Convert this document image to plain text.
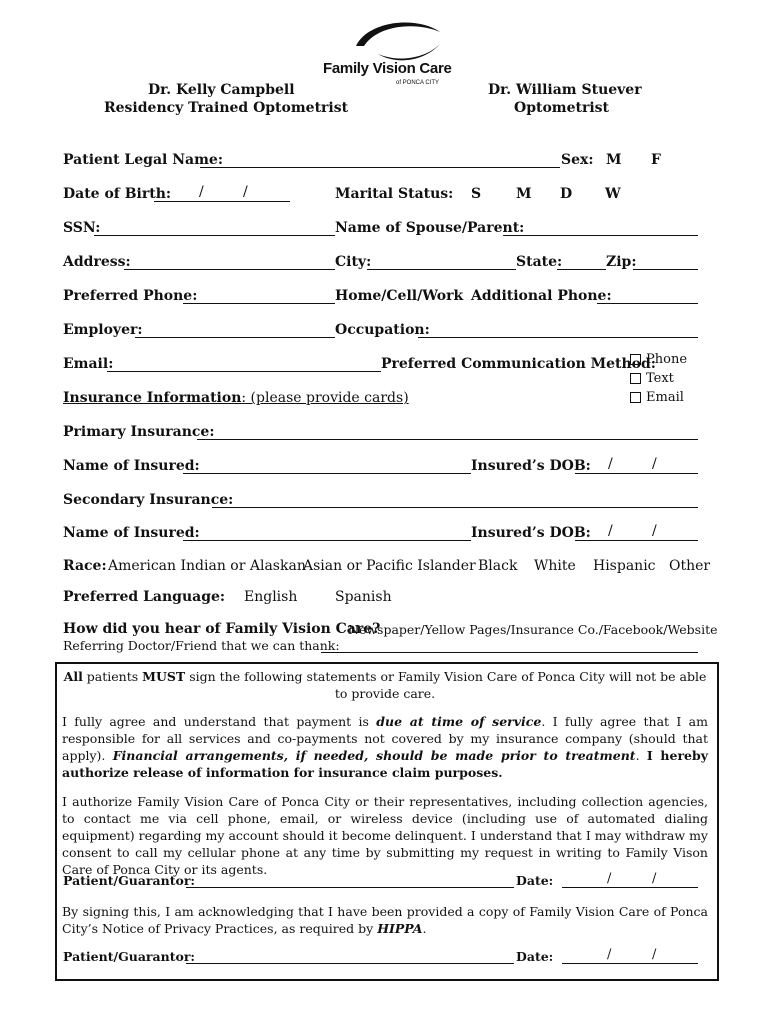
Family Vision Care
of PONCA CITY
Dr. Kelly Campbell
Residency Trained Optometrist
Dr. William Stuever
Optometrist
Patient Legal Name:	Sex: M F
Date of Birth: /	/	Marital Status: S M D W
SSN:	Name of Spouse/Parent:
Address:	City:	State:	Zip:
Preferred Phone:	Home/Cell/Work Additional Phone:
Employer:	Occupation:
Email:	Preferred Communication Method:
Phone
Text
Email
Insurance Information: (please provide cards)
Primary Insurance:
Name of Insured:	Insured’s DOB: /	/
Secondary Insurance:
Name of Insured:	Insured’s DOB: /	/
Race: American Indian or Alaskan
Asian or Pacific Islander Black White Hispanic Other
Preferred Language: English	Spanish
How did you hear of Family Vision Care?
Newspaper/Yellow Pages/Insurance Co./Facebook/Website
Referring Doctor/Friend that we can thank:
All patients MUST sign the following statements or Family Vision Care of Ponca City will not be able to provide care.
I fully agree and understand that payment is due at time of service. I fully agree that I am responsible for all services and co-payments not covered by my insurance company (should that apply). Financial arrangements, if needed, should be made prior to treatment. I hereby authorize release of information for insurance claim purposes.
I authorize Family Vision Care of Ponca City or their representatives, including collection agencies, to contact me via cell phone, email, or wireless device (including use of automated dialing equipment) regarding my account should it become delinquent. I understand that I may withdraw my consent to call my cellular phone at any time by submitting my request in writing to Family Vison Care of Ponca City or its agents.
Patient/Guarantor:	Date:	/	/
By signing this, I am acknowledging that I have been provided a copy of Family Vision Care of Ponca City’s Notice of Privacy Practices, as required by HIPPA.
Patient/Guarantor:	Date:	/	/
